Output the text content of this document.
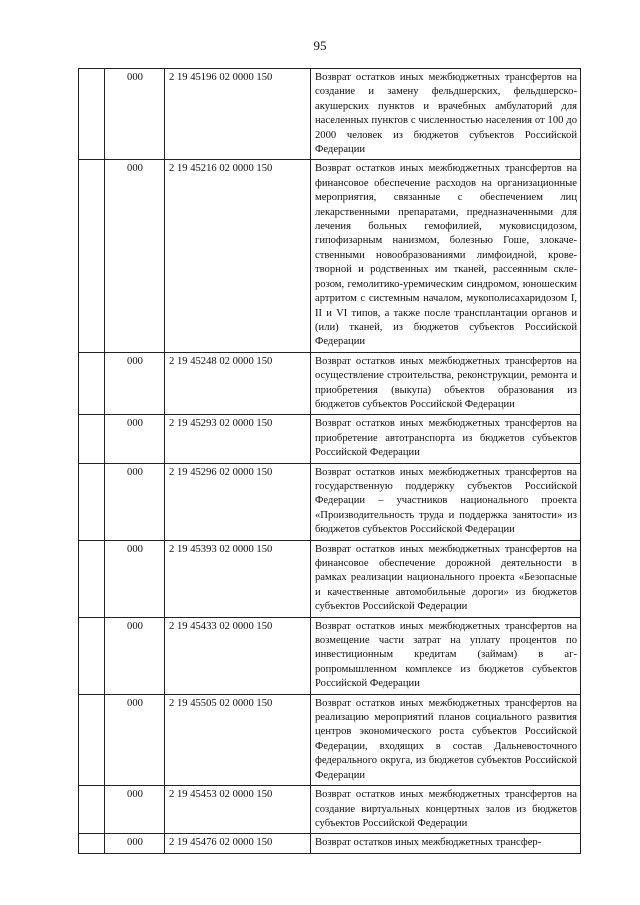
95
	000	2 19 45196 02 0000 150	Возврат остатков иных межбюджетных трансфертов на создание и замену фельдшерских, фельдшерско-акушерских пунктов и врачебных амбулаторий для населенных пунктов с численностью населения от 100 до 2000 человек из бюджетов субъектов Российской Федерации
	000	2 19 45216 02 0000 150	Возврат остатков иных межбюджетных трансфертов на финансовое обеспечение расходов на организационные мероприятия, связанные с обеспечением лиц лекарственными препаратами, предназначенными для лечения больных гемофилией, муковисцидозом, гипофизарным нанизмом, болезнью Гоше, злокачественными новообразованиями лимфоидной, кроветворной и родственных им тканей, рассеянным склерозом, гемолитико-уремическим синдромом, юношеским артритом с системным началом, мукополисахаридозом I, II и VI типов, а также после трансплантации органов и (или) тканей, из бюджетов субъектов Российской Федерации
	000	2 19 45248 02 0000 150	Возврат остатков иных межбюджетных трансфертов на осуществление строительства, реконструкции, ремонта и приобретения (выкупа) объектов образования из бюджетов субъектов Российской Федерации
	000	2 19 45293 02 0000 150	Возврат остатков иных межбюджетных трансфертов на приобретение автотранспорта из бюджетов субъектов Российской Федерации
	000	2 19 45296 02 0000 150	Возврат остатков иных межбюджетных трансфертов на государственную поддержку субъектов Российской Федерации – участников национального проекта «Производительность труда и поддержка занятости» из бюджетов субъектов Российской Федерации
	000	2 19 45393 02 0000 150	Возврат остатков иных межбюджетных трансфертов на финансовое обеспечение дорожной деятельности в рамках реализации национального проекта «Безопасные и качественные автомобильные дороги» из бюджетов субъектов Российской Федерации
	000	2 19 45433 02 0000 150	Возврат остатков иных межбюджетных трансфертов на возмещение части затрат на уплату процентов по инвестиционным кредитам (займам) в агропромышленном комплексе из бюджетов субъектов Российской Федерации
	000	2 19 45505 02 0000 150	Возврат остатков иных межбюджетных трансфертов на реализацию мероприятий планов социального развития центров экономического роста субъектов Российской Федерации, входящих в состав Дальневосточного федерального округа, из бюджетов субъектов Российской Федерации
	000	2 19 45453 02 0000 150	Возврат остатков иных межбюджетных трансфертов на создание виртуальных концертных залов из бюджетов субъектов Российской Федерации
	000	2 19 45476 02 0000 150	Возврат остатков иных межбюджетных трансфер-
